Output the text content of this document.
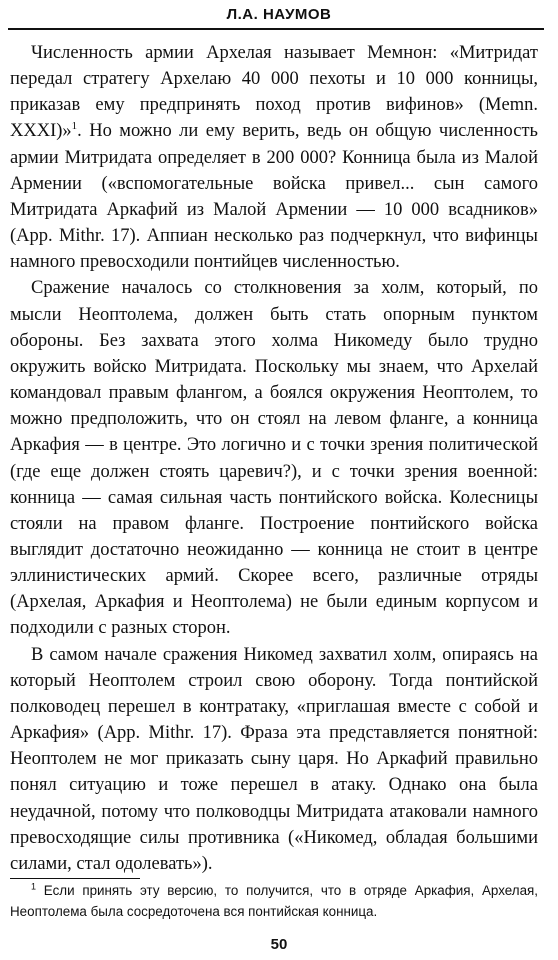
Л.А. НАУМОВ

Численность армии Архелая называет Мемнон: «Митридат передал стратегу Архелаю 40 000 пехоты и 10 000 конницы, приказав ему предпринять поход против вифинов» (Memn. XXXI)»$^1$. Но можно ли ему верить, ведь он общую численность армии Митридата определяет в 200 000? Конница была из Малой Армении («вспомогательные войска привел... сын самого Митридата Аркафий из Малой Армении — 10 000 всадников» (App. Mithr. 17). Аппиан несколько раз подчеркнул, что вифинцы намного превосходили понтийцев численностью.

Сражение началось со столкновения за холм, который, по мысли Неоптолема, должен быть стать опорным пунктом обороны. Без захвата этого холма Никомеду было трудно окружить войско Митридата. Поскольку мы знаем, что Архелай командовал правым флангом, а боялся окружения Неоптолем, то можно предположить, что он стоял на левом фланге, а конница Аркафия — в центре. Это логично и с точки зрения политической (где еще должен стоять царевич?), и с точки зрения военной: конница — самая сильная часть понтийского войска. Колесницы стояли на правом фланге. Построение понтийского войска выглядит достаточно неожиданно — конница не стоит в центре эллинистических армий. Скорее всего, различные отряды (Архелая, Аркафия и Неоптолема) не были единым корпусом и подходили с разных сторон.

В самом начале сражения Никомед захватил холм, опираясь на который Неоптолем строил свою оборону. Тогда понтийской полководец перешел в контратаку, «приглашая вместе с собой и Аркафия» (App. Mithr. 17). Фраза эта представляется понятной: Неоптолем не мог приказать сыну царя. Но Аркафий правильно понял ситуацию и тоже перешел в атаку. Однако она была неудачной, потому что полководцы Митридата атаковали намного превосходящие силы противника («Никомед, обладая большими силами, стал одолевать»).

$^1$ Если принять эту версию, то получится, что в отряде Аркафия, Архелая, Неоптолема была сосредоточена вся понтийская конница.

50
